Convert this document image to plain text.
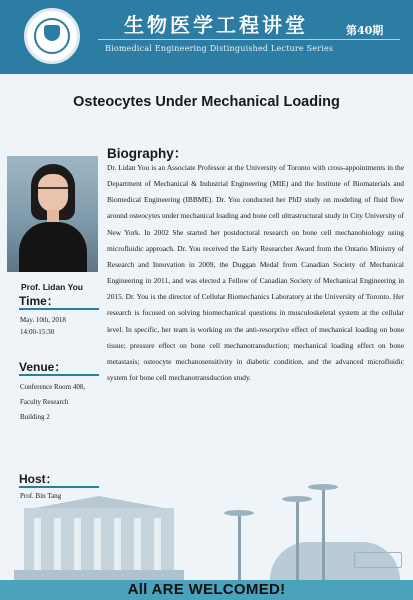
生物医学工程讲堂	第40期
Biomedical Engineering Distinguished Lecture Series
Osteocytes Under Mechanical Loading
Prof. Lidan You
Time：
May. 10th, 2018
14:00-15:30
Venue：
Conference Room 408,
Faculty Research
Building 2
Host：
Prof. Bin Tang
Biography：
Dr. Lidan You is an Associate Professor at the University of Toronto with cross-appointments in the Department of Mechanical & Industrial Engineering (MIE) and the Institute of Biomaterials and Biomedical Engineering (IBBME). Dr. You conducted her PhD study on modeling of fluid flow around osteocytes under mechanical loading and bone cell ultrastructural study in City University of New York. In 2002 She started her postdoctoral research on bone cell mechanobiology using microfluidic approach. Dr. You received the Early Researcher Award from the Ontario Ministry of Research and Innovation in 2009, the Duggan Medal from Canadian Society of Mechanical Engineering in 2011, and was elected a Fellow of Canadian Society of Mechanical Engineering in 2015. Dr. You is the director of Cellular Biomechanics Laboratory at the University of Toronto. Her research is focused on solving biomechanical questions in musculoskeletal system at the cellular level. In specific, her team is working on the anti-resorptive effect of mechanical loading on bone tissue; pressure effect on bone cell mechanotransduction; mechanical loading effect on bone metastasis; osteocyte mechanosensitivity in diabetic condition, and the advanced microfluidic system for bone cell mechanotransduction study.
All ARE WELCOMED!
